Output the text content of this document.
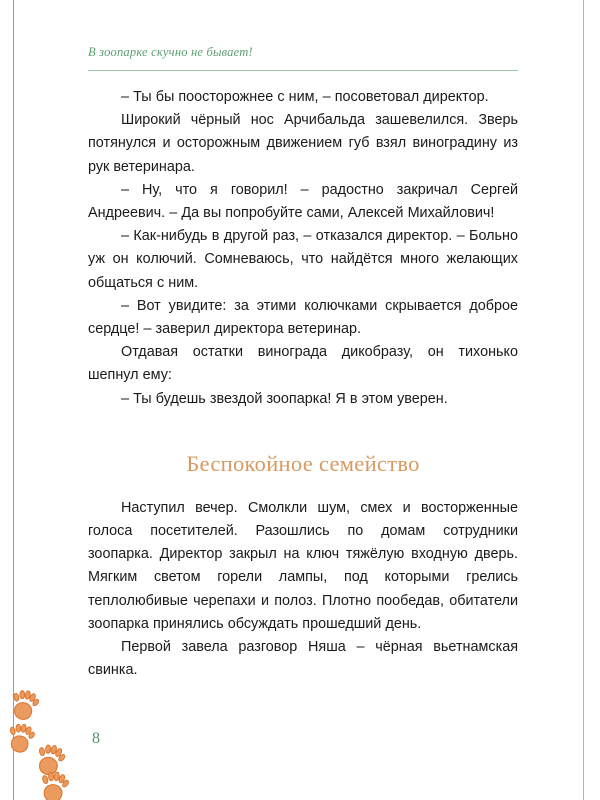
В зоопарке скучно не бывает!

– Ты бы поосторожнее с ним, – посоветовал директор.

Широкий чёрный нос Арчибальда зашевелился. Зверь потянулся и осторожным движением губ взял виноградину из рук ветеринара.

– Ну, что я говорил! – радостно закричал Сергей Андреевич. – Да вы попробуйте сами, Алексей Михайлович!

– Как-нибудь в другой раз, – отказался директор. – Больно уж он колючий. Сомневаюсь, что найдётся много желающих общаться с ним.

– Вот увидите: за этими колючками скрывается доброе сердце! – заверил директора ветеринар.

Отдавая остатки винограда дикобразу, он тихонько шепнул ему:

– Ты будешь звездой зоопарка! Я в этом уверен.

Беспокойное семейство

Наступил вечер. Смолкли шум, смех и восторженные голоса посетителей. Разошлись по домам сотрудники зоопарка. Директор закрыл на ключ тяжёлую входную дверь. Мягким светом горели лампы, под которыми грелись теплолюбивые черепахи и полоз. Плотно пообедав, обитатели зоопарка принялись обсуждать прошедший день.

Первой завела разговор Няша – чёрная вьетнамская свинка.

8
